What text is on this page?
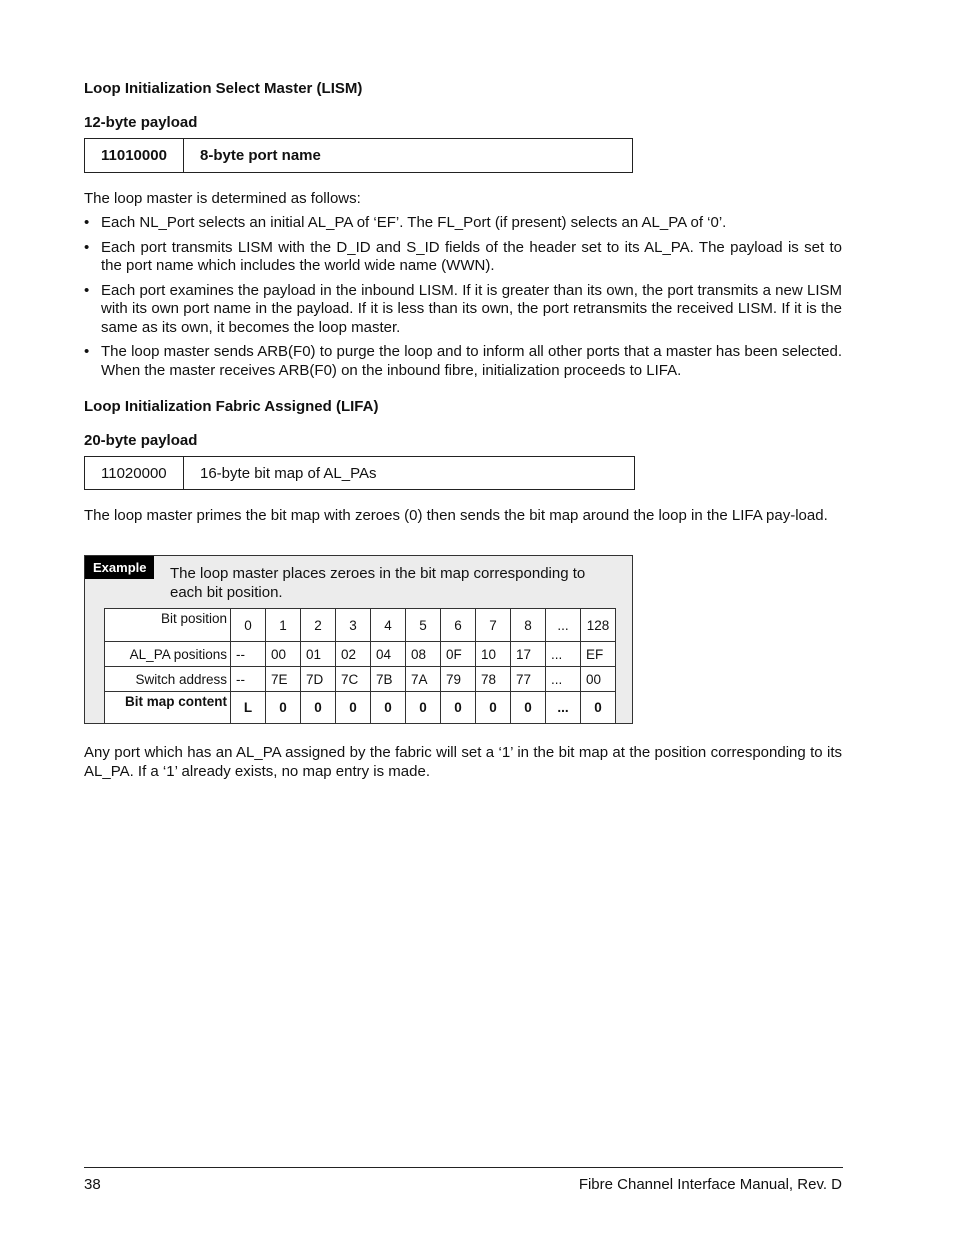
Loop Initialization Select Master (LISM)
12-byte payload
11010000	8-byte port name
The loop master is determined as follows:
• Each NL_Port selects an initial AL_PA of ‘EF’. The FL_Port (if present) selects an AL_PA of ‘0’.
• Each port transmits LISM with the D_ID and S_ID fields of the header set to its AL_PA. The payload is set to the port name which includes the world wide name (WWN).
• Each port examines the payload in the inbound LISM. If it is greater than its own, the port transmits a new LISM with its own port name in the payload. If it is less than its own, the port retransmits the received LISM. If it is the same as its own, it becomes the loop master.
• The loop master sends ARB(F0) to purge the loop and to inform all other ports that a master has been selected. When the master receives ARB(F0) on the inbound fibre, initialization proceeds to LIFA.
Loop Initialization Fabric Assigned (LIFA)
20-byte payload
11020000	16-byte bit map of AL_PAs
The loop master primes the bit map with zeroes (0) then sends the bit map around the loop in the LIFA pay-load.
Example	The loop master places zeroes in the bit map corresponding to each bit position.
Bit position	0	1	2	3	4	5	6	7	8	...	128
AL_PA positions	--	00	01	02	04	08	0F	10	17	...	EF
Switch address	--	7E	7D	7C	7B	7A	79	78	77	...	00
Bit map content	L	0	0	0	0	0	0	0	0	...	0
Any port which has an AL_PA assigned by the fabric will set a ‘1’ in the bit map at the position corresponding to its AL_PA. If a ‘1’ already exists, no map entry is made.
38	Fibre Channel Interface Manual, Rev. D
